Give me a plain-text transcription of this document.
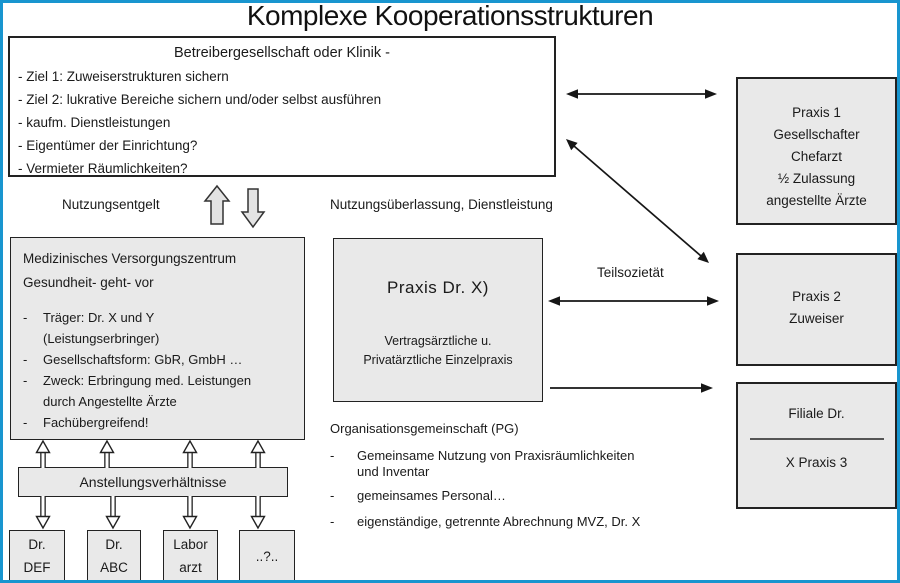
Komplexe Kooperationsstrukturen
Betreibergesellschaft oder Klinik -
- Ziel 1: Zuweiserstrukturen sichern
- Ziel 2: lukrative Bereiche sichern und/oder selbst ausführen
- kaufm. Dienstleistungen
- Eigentümer der Einrichtung?
- Vermieter Räumlichkeiten?
Nutzungsentgelt	Nutzungsüberlassung, Dienstleistung
Teilsozietät
Medizinisches Versorgungszentrum
Gesundheit- geht- vor
-	Träger: Dr. X und Y
(Leistungserbringer)
-	Gesellschaftsform: GbR, GmbH …
-	Zweck: Erbringung med. Leistungen
durch Angestellte Ärzte
-	Fachübergreifend!
Praxis Dr. X)
Vertragsärztliche u.
Privatärztliche Einzelpraxis
Praxis 1
Gesellschafter
Chefarzt
½ Zulassung
angestellte Ärzte
Praxis 2
Zuweiser
Filiale Dr.
X Praxis 3
Organisationsgemeinschaft (PG)
-	Gemeinsame Nutzung von Praxisräumlichkeiten
und Inventar
-	gemeinsames Personal…
-	eigenständige, getrennte Abrechnung MVZ, Dr. X
Anstellungsverhältnisse
Dr.
DEF
Dr.
ABC
Labor
arzt
..?..
